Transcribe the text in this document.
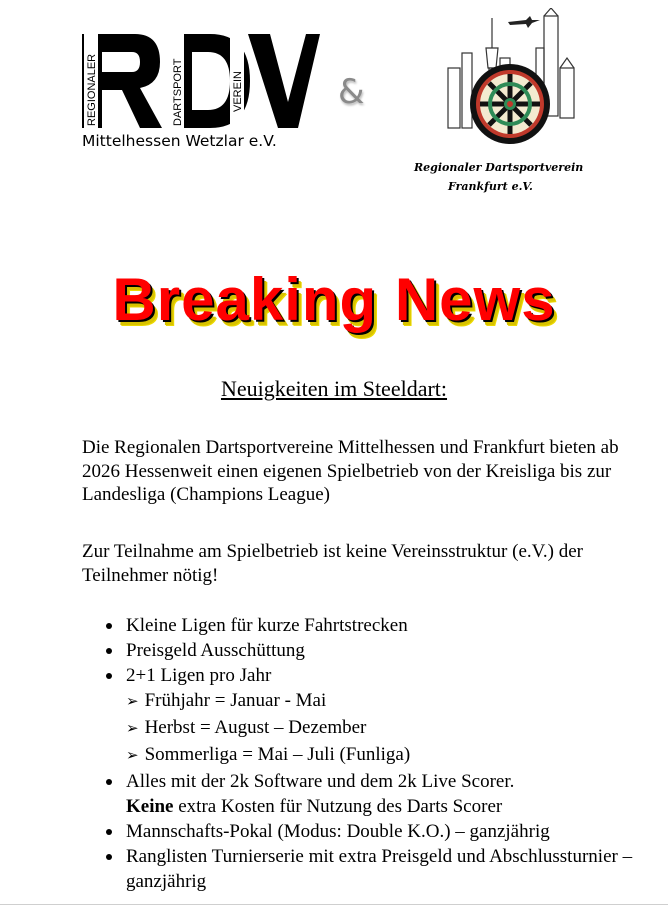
REGIONALER	DARTSPORT	VEREIN
Mittelhessen Wetzlar e.V.
&
Regionaler Dartsportverein
Frankfurt e.V.
Breaking News
Neuigkeiten im Steeldart:
Die Regionalen Dartsportvereine Mittelhessen und Frankfurt bieten ab 2026 Hessenweit einen eigenen Spielbetrieb von der Kreisliga bis zur Landesliga (Champions League)
Zur Teilnahme am Spielbetrieb ist keine Vereinsstruktur (e.V.) der Teilnehmer nötig!
Kleine Ligen für kurze Fahrtstrecken
Preisgeld Ausschüttung
2+1 Ligen pro Jahr
➢ Frühjahr = Januar - Mai
➢ Herbst = August – Dezember
➢ Sommerliga = Mai – Juli (Funliga)
Alles mit der 2k Software und dem 2k Live Scorer.
Keine extra Kosten für Nutzung des Darts Scorer
Mannschafts-Pokal (Modus: Double K.O.) – ganzjährig
Ranglisten Turnierserie mit extra Preisgeld und Abschlussturnier – ganzjährig
